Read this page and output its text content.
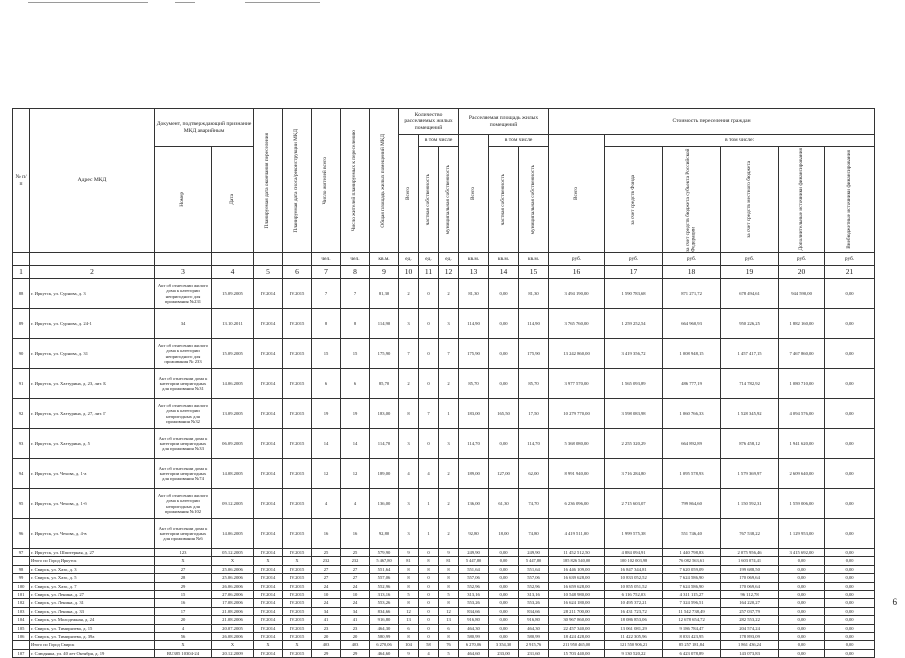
№ п/п	Адрес МКД	Документ, подтверждающий признание МКД аварийным		Планируемая дата окончания переселения	Планируемая дата сноса/реконструкции МКД	Число жителей всего	Число жителей планируемых к переселению	Общая площадь жилых помещений МКД	Количество расселяемых жилых помещений			Расселяемая площадь жилых помещений			Стоимость переселения граждан					

									Всего	в том числе		Всего	в том числе		Всего	в том числе:				

		Номер	Дата							частная собственность	муниципальная собственность		частная собственность	муниципальная собственность		за счет средств Фонда	за счет средств бюджета субъекта Российской Федерации	за счет средств местного бюджета	Дополнительные источники финансирования	Внебюджетные источники финансирования

						чел.	чел.	кв.м.	ед.	ед.	ед.	кв.м.	кв.м.	кв.м.	руб.	руб.	руб.	руб.	руб.	руб.
1	2	3	4	5	6	7	8	9	10	11	12	13	14	15	16	17	18	19	20	21
88	г. Иркутск, ул. Сурнова, д. 3	Акт об отнесении жилого дома к категории непригодного для проживания №231	15.09.2005	IV.2014	IV.2015	7	7	81,30	2	0	2	81,30	0,00	81,30	3 494 190,00	1 590 783,68	871 271,72	678 494,61	944 590,00	0,00
89	г. Иркутск, ул. Сурнова, д. 24-1	34	13.10.2011	IV.2014	IV.2015	8	8	114,90	3	0	3	114,90	0,00	114,90	3 765 760,00	1 259 252,54	664 960,93	950 226,25	1 882 160,00	0,00
90	г. Иркутск, ул. Сурнова, д. 31	Акт об отнесении жилого дома к категории непригодного для проживания № 233	15.09.2005	IV.2014	IV.2015	15	15	175,90	7	0	7	175,90	0,00	175,90	13 242 860,00	3 419 356,72	1 008 948,15	1 457 417,15	7 467 860,00	0,00
91	г. Иркутск, ул. Хазтурина, д. 23, лит. Б	Акт об отнесении дома к категории непригодных для проживания №31	14.06.2005	IV.2014	IV.2015	6	6	85,70	2	0	2	85,70	0,00	85,70	3 977 570,00	1 565 093,89	486 777,19	714 782,92	1 080 710,00	0,00
92	г. Иркутск, ул. Хазтурина, д. 27, лит. Г	Акт об отнесении жилого дома к категории непригодных для проживания №32	13.09.2005	IV.2014	IV.2015	19	19	183,00	8	7	1	183,00	165,50	17,50	10 279 770,00	3 598 083,98	1 060 766,33	1 528 345,92	4 094 576,00	0,00
93	г. Иркутск, ул. Хазтурина, д. 5	Акт об отнесении дома к категории непригодных для проживания №33	06.09.2005	IV.2014	IV.2015	14	14	114,70	3	0	3	114,70	0,00	114,70	5 368 080,00	2 255 320,29	664 892,89	876 458,12	1 941 620,00	0,00
94	г. Иркутск, ул. Чехова, д. 1-а	Акт об отнесении дома к категории непригодных для проживания №74	14.08.2005	IV.2014	IV.2015	12	12	189,00	4	4	2	189,00	127,00	62,00	8 991 940,00	3 716 284,80	1 095 578,93	1 579 369,97	2 609 640,00	0,00
95	г. Иркутск, ул. Чехова, д. 1-б	Акт об отнесении жилого дома к категории непригодных для проживания №102	09.12.2005	IV.2014	IV.2015	4	4	136,00	3	1	2	136,00	61,30	74,70	6 236 096,00	2 715 603,07	799 864,60	1 150 592,31	1 559 006,00	0,00
96	г. Иркутск, ул. Чехова, д. 4-в	Акт об отнесении дома к категории непригодных для проживания №6	14.06.2005	IV.2014	IV.2015	16	16	92,80	3	1	2	92,80	18,00	74,80	4 419 511,00	1 999 575,38	551 746,40	767 538,22	1 129 953,00	0,00
97	г. Иркутск, ул. Шпитерная, д. 27	123	05.12.2005	IV.2014	IV.2015	25	25	579,90	9	0	9	249,90	0,00	249,90	11 452 512,50	4 884 094,91	1 440 798,83	2 075 956,46	3 415 692,00	0,00
	Итого по Город Иркутск	Х	Х	Х	Х	232	232	5 467,80	81	8	81	5 447,80	0,00	5 447,80	185 826 540,00	100 102 003,98	76 082 563,61	1 603 074,41	0,00	0,00
98	г. Свирск, ул. Хазо, д. 3	27	25.06.2006	IV.2014	IV.2015	27	27	551,64	8	8	8	551,64	0,00	551,64	16 446 109,00	16 847 344,81	7 620 059,09	199 688,50	0,00	0,00
99	г. Свирск, ул. Хазо, д. 5	28	25.06.2006	IV.2014	IV.2015	27	27	557,06	8	0	8	557,06	0,00	557,06	16 639 628,00	10 833 052,52	7 624 586,90	170 069,64	0,00	0,00
100	г. Свирск, ул. Хазо, д. 7	29	26.06.2006	IV.2014	IV.2015	24	24	552,96	8	0	8	552,96	0,00	552,96	16 659 628,00	10 855 051,52	7 624 586,90	170 069,64	0,00	0,00
101	г. Свирск, ул. Ленина, д. 27	15	27.06.2006	IV.2014	IV.2015	10	10	313,16	5	0	5	313,16	0,00	313,16	10 548 980,00	6 116 752,03	4 311 115,27	96 112,78	0,00	0,00
102	г. Свирск, ул. Ленина, д. 31	16	17.08.2006	IV.2014	IV.2015	24	24	553,26	8	0	8	553,26	0,00	553,26	16 624 180,00	10 495 372,21	7 324 596,51	164 220,27	0,00	0,00
103	г. Свирск, ул. Ленина, д. 33	17	21.08.2006	IV.2014	IV.2015	34	34	834,66	12	0	12	834,66	0,00	834,66	28 211 700,00	16 431 723,72	11 542 738,49	257 037,79	0,00	0,00
104	г. Свирск, ул. Молодежная, д. 24	20	21.08.2006	IV.2014	IV.2015	41	41	916,80	13	0	13	916,80	0,00	916,80	30 967 860,00	18 086 853,06	12 678 654,72	282 553,22	0,00	0,00
105	г. Свирск, ул. Тимирязева, д. 15	4	20.07.2005	IV.2014	IV.2015	23	23	464,30	6	0	6	464,30	0,00	464,30	22 457 340,00	13 061 081,29	9 186 784,47	204 574,24	0,00	0,00
106	г. Свирск, ул. Тимирязева, д. 39а	56	26.08.2006	IV.2014	IV.2015	20	20	580,99	8	0	8	580,99	0,00	580,99	18 424 428,00	11 422 305,96	8 033 423,95	178 893,09	0,00	0,00
	Итого по Город Свирск	Х	Х	Х	Х	403	403	6 270,06	104	58	76	6 270,06	3 354,30	2 915,76	211 950 465,00	121 550 906,21	85 257 181,84	1 861 436,24	0,00	0,00
107	г. Слюдянка, ул. 40 лет Октября, д. 19	RU385 10304-24	20.12.2009	IV.2014	IV.2015	29	29	464,60	9	4	5	464,60	233,00	231,60	15 703 440,00	9 130 520,22	6 423 078,89	143 073,83	0,00	0,00
6
